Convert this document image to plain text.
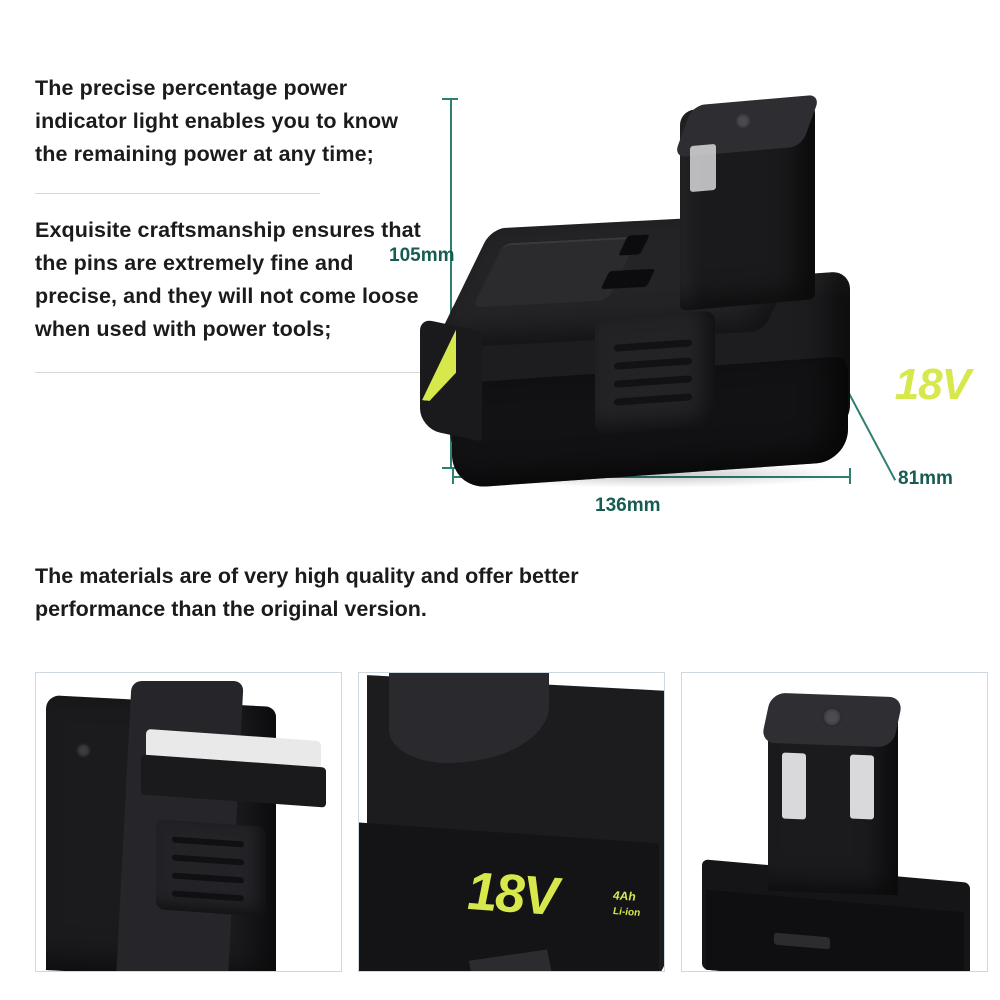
The precise percentage power indicator light enables you to know the remaining power at any time;
Exquisite craftsmanship ensures that the pins are extremely fine and precise, and they will not come loose when used with power tools;
The materials are of very high quality and offer better performance than the original version.
105mm
136mm
81mm
18V
18V	4Ah
Li-ion
